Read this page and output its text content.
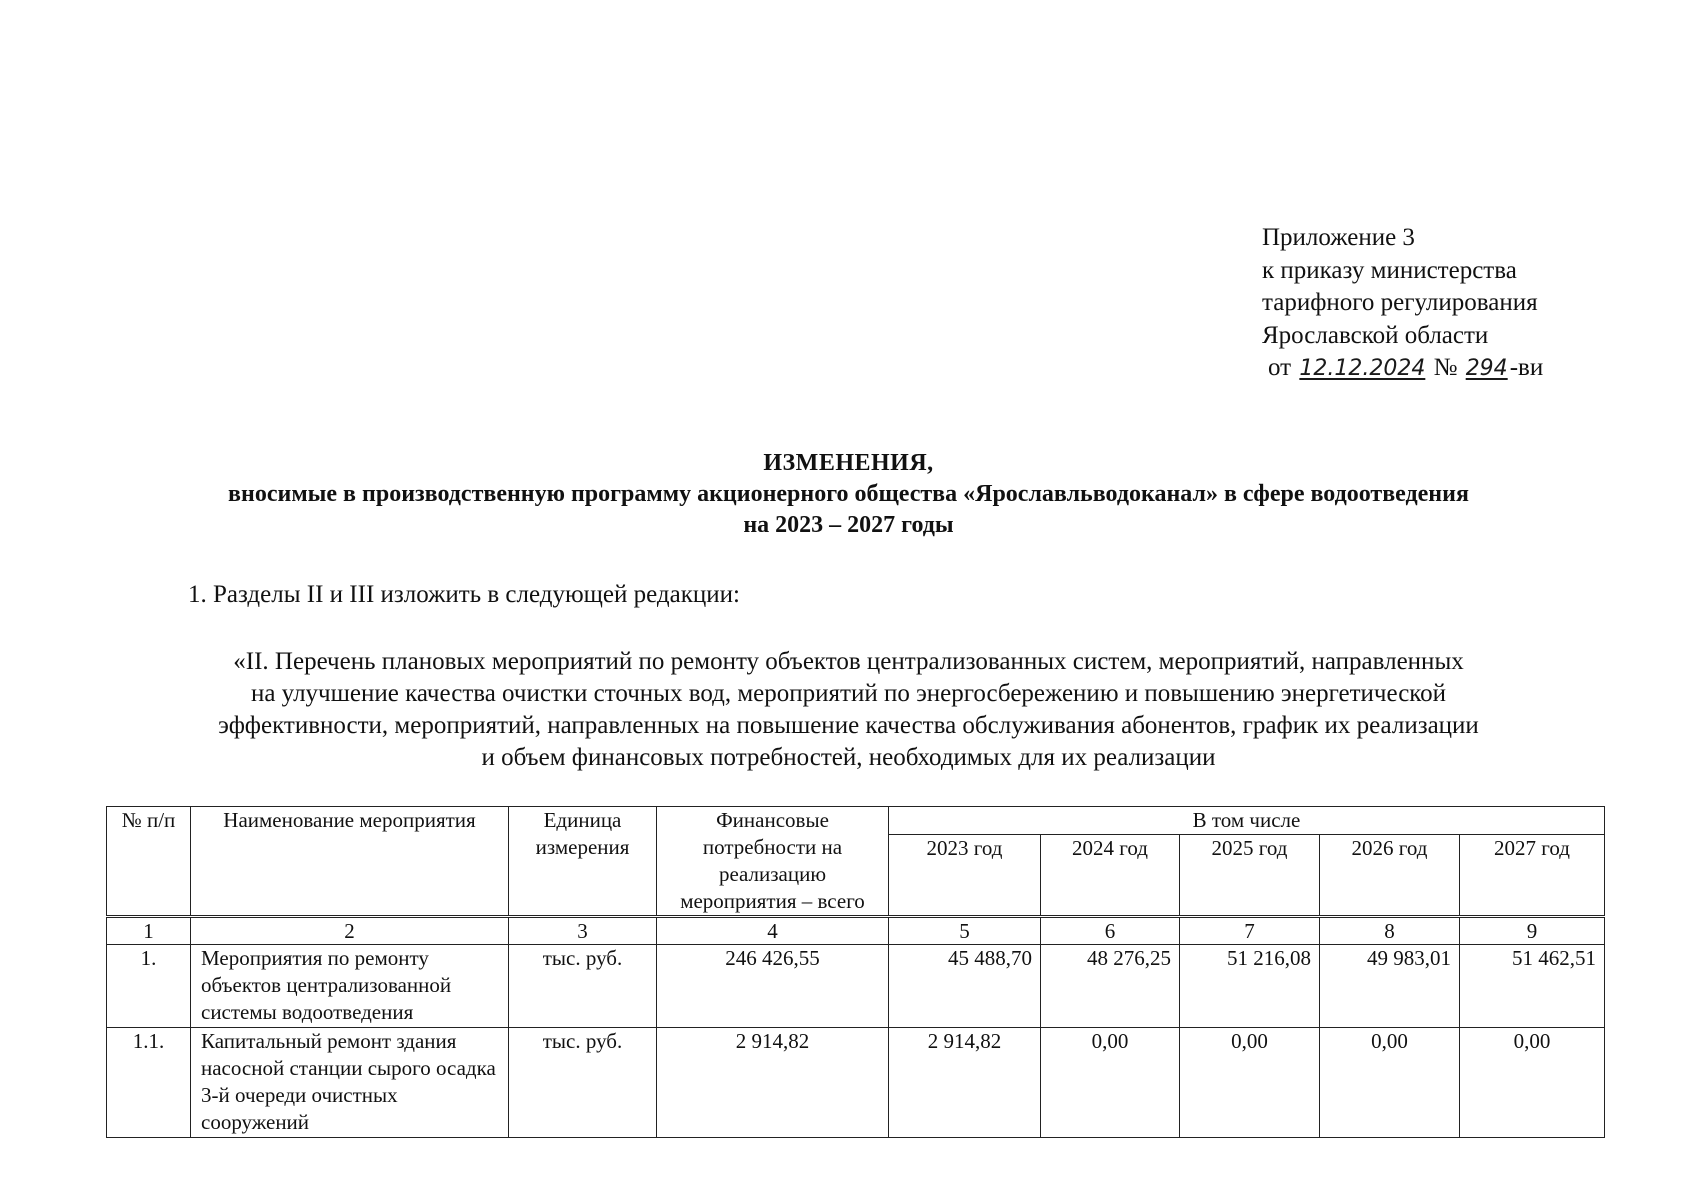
Приложение 3
к приказу министерства
тарифного регулирования
Ярославской области
от 12.12.2024 № 294-ви
ИЗМЕНЕНИЯ,
вносимые в производственную программу акционерного общества «Ярославльводоканал» в сфере водоотведения
на 2023 – 2027 годы
1. Разделы II и III изложить в следующей редакции:
«II. Перечень плановых мероприятий по ремонту объектов централизованных систем, мероприятий, направленных
на улучшение качества очистки сточных вод, мероприятий по энергосбережению и повышению энергетической
эффективности, мероприятий, направленных на повышение качества обслуживания абонентов, график их реализации
и объем финансовых потребностей, необходимых для их реализации
№ п/п	Наименование мероприятия	Единица измерения	Финансовые потребности на реализацию мероприятия – всего	В том числе				
				2023 год	2024 год	2025 год	2026 год	2027 год
1	2	3	4	5	6	7	8	9
1.	Мероприятия по ремонту объектов централизованной системы водоотведения	тыс. руб.	246 426,55	45 488,70	48 276,25	51 216,08	49 983,01	51 462,51
1.1.	Капитальный ремонт здания насосной станции сырого осадка 3-й очереди очистных сооружений	тыс. руб.	2 914,82	2 914,82	0,00	0,00	0,00	0,00
